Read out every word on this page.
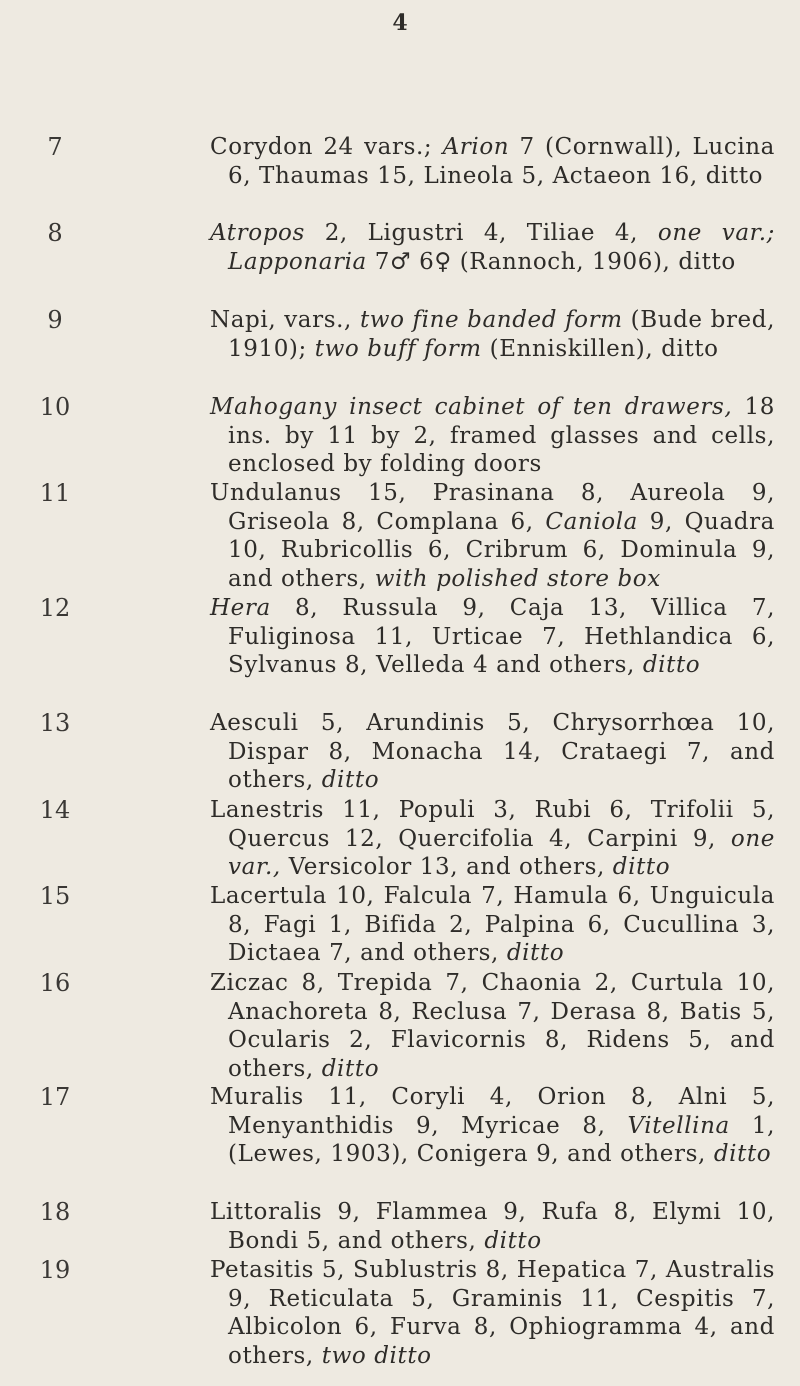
4
7	Corydon 24 vars.; Arion 7 (Cornwall), Lucina 6, Thaumas 15, Lineola 5, Actaeon 16, ditto
8	Atropos 2, Ligustri 4, Tiliae 4, one var.; Lapponaria 7♂ 6♀ (Rannoch, 1906), ditto
9	Napi, vars., two fine banded form (Bude bred, 1910); two buff form (Enniskillen), ditto
10	Mahogany insect cabinet of ten drawers, 18 ins. by 11 by 2, framed glasses and cells, enclosed by folding doors
11	Undulanus 15, Prasinana 8, Aureola 9, Griseola 8, Complana 6, Caniola 9, Quadra 10, Rubricollis 6, Cribrum 6, Dominula 9, and others, with polished store box
12	Hera 8, Russula 9, Caja 13, Villica 7, Fuliginosa 11, Urticae 7, Hethlandica 6, Sylvanus 8, Velleda 4 and others, ditto
13	Aesculi 5, Arundinis 5, Chrysorrhœa 10, Dispar 8, Monacha 14, Crataegi 7, and others, ditto
14	Lanestris 11, Populi 3, Rubi 6, Trifolii 5, Quercus 12, Quercifolia 4, Carpini 9, one var., Versicolor 13, and others, ditto
15	Lacertula 10, Falcula 7, Hamula 6, Unguicula 8, Fagi 1, Bifida 2, Palpina 6, Cucullina 3, Dictaea 7, and others, ditto
16	Ziczac 8, Trepida 7, Chaonia 2, Curtula 10, Anachoreta 8, Reclusa 7, Derasa 8, Batis 5, Ocularis 2, Flavicornis 8, Ridens 5, and others, ditto
17	Muralis 11, Coryli 4, Orion 8, Alni 5, Menyanthidis 9, Myricae 8, Vitellina 1, (Lewes, 1903), Conigera 9, and others, ditto
18	Littoralis 9, Flammea 9, Rufa 8, Elymi 10, Bondi 5, and others, ditto
19	Petasitis 5, Sublustris 8, Hepatica 7, Australis 9, Reticulata 5, Graminis 11, Cespitis 7, Albicolon 6, Furva 8, Ophiogramma 4, and others, two ditto
